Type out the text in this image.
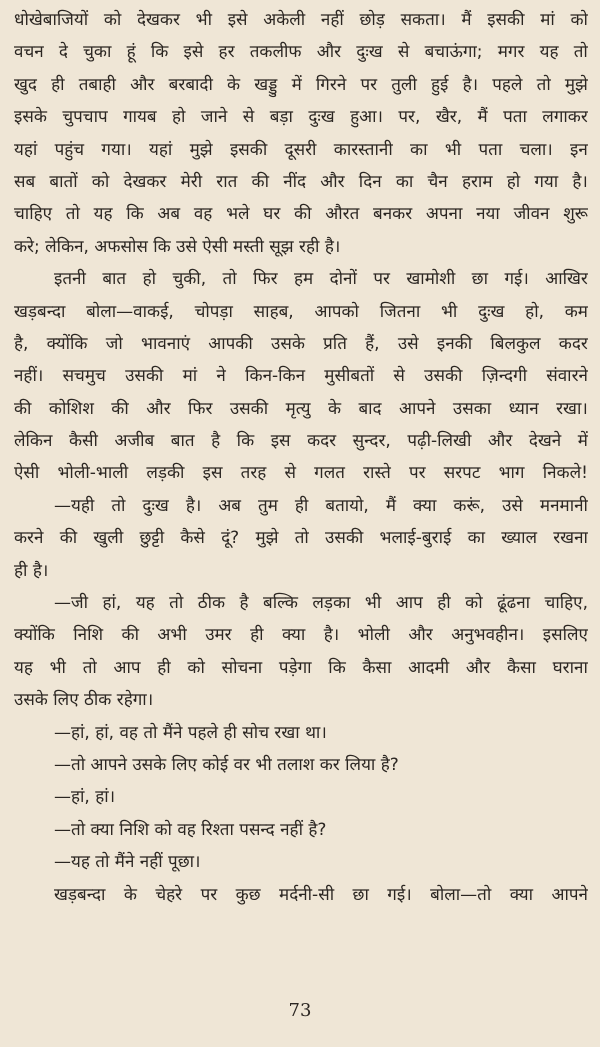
धोखेबाजियों को देखकर भी इसे अकेली नहीं छोड़ सकता। मैं इसकी मां को
वचन दे चुका हूं कि इसे हर तकलीफ और दुःख से बचाऊंगा; मगर यह तो
खुद ही तबाही और बरबादी के खड्डु में गिरने पर तुली हुई है। पहले तो मुझे
इसके चुपचाप गायब हो जाने से बड़ा दुःख हुआ। पर, खैर, मैं पता लगाकर
यहां पहुंच गया। यहां मुझे इसकी दूसरी कारस्तानी का भी पता चला। इन
सब बातों को देखकर मेरी रात की नींद और दिन का चैन हराम हो गया है।
चाहिए तो यह कि अब वह भले घर की औरत बनकर अपना नया जीवन शुरू
करे; लेकिन, अफसोस कि उसे ऐसी मस्ती सूझ रही है।
इतनी बात हो चुकी, तो फिर हम दोनों पर खामोशी छा गई। आखिर
खड़बन्दा बोला—वाकई, चोपड़ा साहब, आपको जितना भी दुःख हो, कम
है, क्योंकि जो भावनाएं आपकी उसके प्रति हैं, उसे इनकी बिलकुल कदर
नहीं। सचमुच उसकी मां ने किन-किन मुसीबतों से उसकी ज़िन्दगी संवारने
की कोशिश की और फिर उसकी मृत्यु के बाद आपने उसका ध्यान रखा।
लेकिन कैसी अजीब बात है कि इस कदर सुन्दर, पढ़ी-लिखी और देखने में
ऐसी भोली-भाली लड़की इस तरह से गलत रास्ते पर सरपट भाग निकले!
—यही तो दुःख है। अब तुम ही बतायो, मैं क्या करूं, उसे मनमानी
करने की खुली छुट्टी कैसे दूं? मुझे तो उसकी भलाई-बुराई का ख्याल रखना
ही है।
—जी हां, यह तो ठीक है बल्कि लड़का भी आप ही को ढूंढना चाहिए,
क्योंकि निशि की अभी उमर ही क्या है। भोली और अनुभवहीन। इसलिए
यह भी तो आप ही को सोचना पड़ेगा कि कैसा आदमी और कैसा घराना
उसके लिए ठीक रहेगा।
—हां, हां, वह तो मैंने पहले ही सोच रखा था।
—तो आपने उसके लिए कोई वर भी तलाश कर लिया है?
—हां, हां।
—तो क्या निशि को वह रिश्ता पसन्द नहीं है?
—यह तो मैंने नहीं पूछा।
खड़बन्दा के चेहरे पर कुछ मर्दनी-सी छा गई। बोला—तो क्या आपने
73
